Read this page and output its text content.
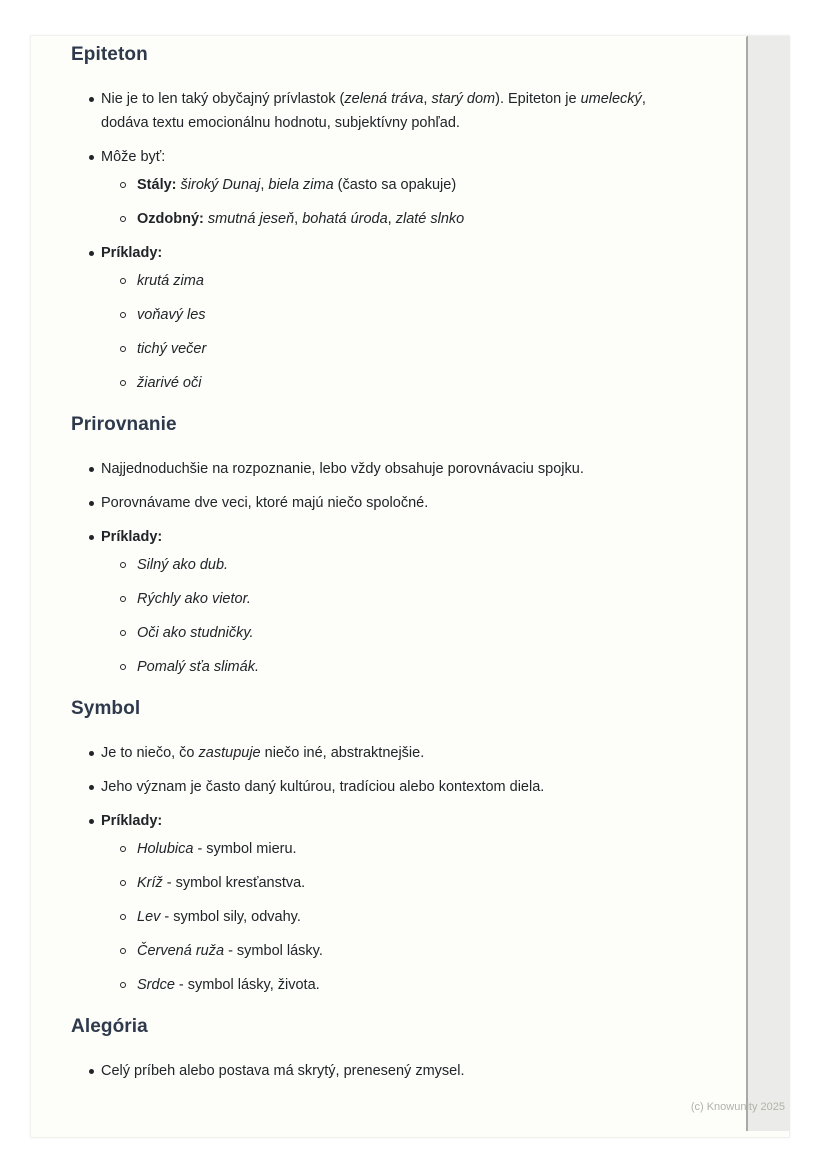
Epiteton
Nie je to len taký obyčajný prívlastok (zelená tráva, starý dom). Epiteton je umelecký, dodáva textu emocionálnu hodnotu, subjektívny pohľad.
Môže byť:
Stály: široký Dunaj, biela zima (často sa opakuje)
Ozdobný: smutná jeseň, bohatá úroda, zlaté slnko
Príklady:
krutá zima
voňavý les
tichý večer
žiarivé oči
Prirovnanie
Najjednoduchšie na rozpoznanie, lebo vždy obsahuje porovnávaciu spojku.
Porovnávame dve veci, ktoré majú niečo spoločné.
Príklady:
Silný ako dub.
Rýchly ako vietor.
Oči ako studničky.
Pomalý sťa slimák.
Symbol
Je to niečo, čo zastupuje niečo iné, abstraktnejšie.
Jeho význam je často daný kultúrou, tradíciou alebo kontextom diela.
Príklady:
Holubica - symbol mieru.
Kríž - symbol kresťanstva.
Lev - symbol sily, odvahy.
Červená ruža - symbol lásky.
Srdce - symbol lásky, života.
Alegória
Celý príbeh alebo postava má skrytý, prenesený zmysel.
(c) Knowunity 2025
